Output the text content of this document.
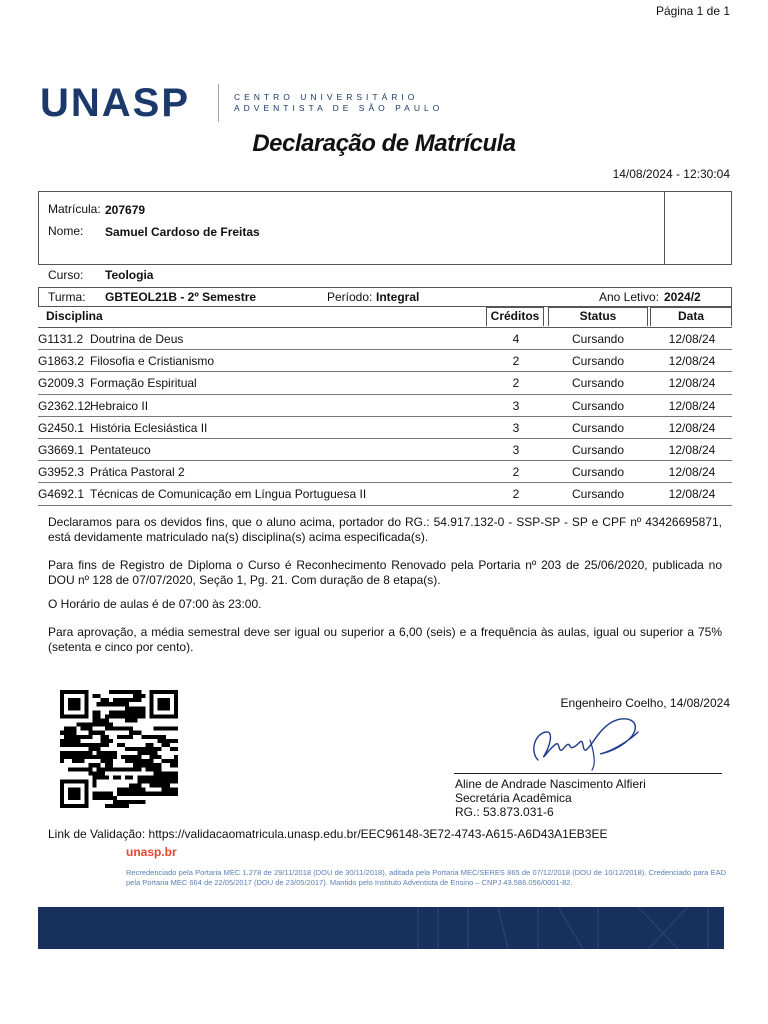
Página 1 de 1
UNASP	CENTRO UNIVERSITÁRIO
ADVENTISTA DE SÃO PAULO
Declaração de Matrícula
14/08/2024 - 12:30:04
Matrícula: 207679
Nome: Samuel Cardoso de Freitas
Curso: Teologia
Turma: GBTEOL21B - 2º Semestre	Período: Integral	Ano Letivo: 2024/2
Disciplina	Créditos	Status	Data
G1131.2 Doutrina de Deus	4	Cursando	12/08/24
G1863.2 Filosofia e Cristianismo	2	Cursando	12/08/24
G2009.3 Formação Espiritual	2	Cursando	12/08/24
G2362.12 Hebraico II	3	Cursando	12/08/24
G2450.1 História Eclesiástica II	3	Cursando	12/08/24
G3669.1 Pentateuco	3	Cursando	12/08/24
G3952.3 Prática Pastoral 2	2	Cursando	12/08/24
G4692.1 Técnicas de Comunicação em Língua Portuguesa II	2	Cursando	12/08/24
Declaramos para os devidos fins, que o aluno acima, portador do RG.: 54.917.132-0 - SSP-SP - SP e CPF nº 43426695871, está devidamente matriculado na(s) disciplina(s) acima especificada(s).
Para fins de Registro de Diploma o Curso é Reconhecimento Renovado pela Portaria nº 203 de 25/06/2020, publicada no DOU nº 128 de 07/07/2020, Seção 1, Pg. 21. Com duração de 8 etapa(s).
O Horário de aulas é de 07:00 às 23:00.
Para aprovação, a média semestral deve ser igual ou superior a 6,00 (seis) e a frequência às aulas, igual ou superior a 75% (setenta e cinco por cento).
Engenheiro Coelho, 14/08/2024
Aline de Andrade Nascimento Alfieri
Secretária Acadêmica
RG.: 53.873.031-6
Link de Validação: https://validacaomatricula.unasp.edu.br/EEC96148-3E72-4743-A615-A6D43A1EB3EE
unasp.br
Recredenciado pela Portaria MEC 1.278 de 29/11/2018 (DOU de 30/11/2018), aditada pela Portaria MEC/SERES 865 de 07/12/2018 (DOU de 10/12/2018). Credenciado para EAD pela Portaria MEC 664 de 22/05/2017 (DOU de 23/05/2017). Mantido pelo Instituto Adventista de Ensino – CNPJ 43.586.056/0001-82.
